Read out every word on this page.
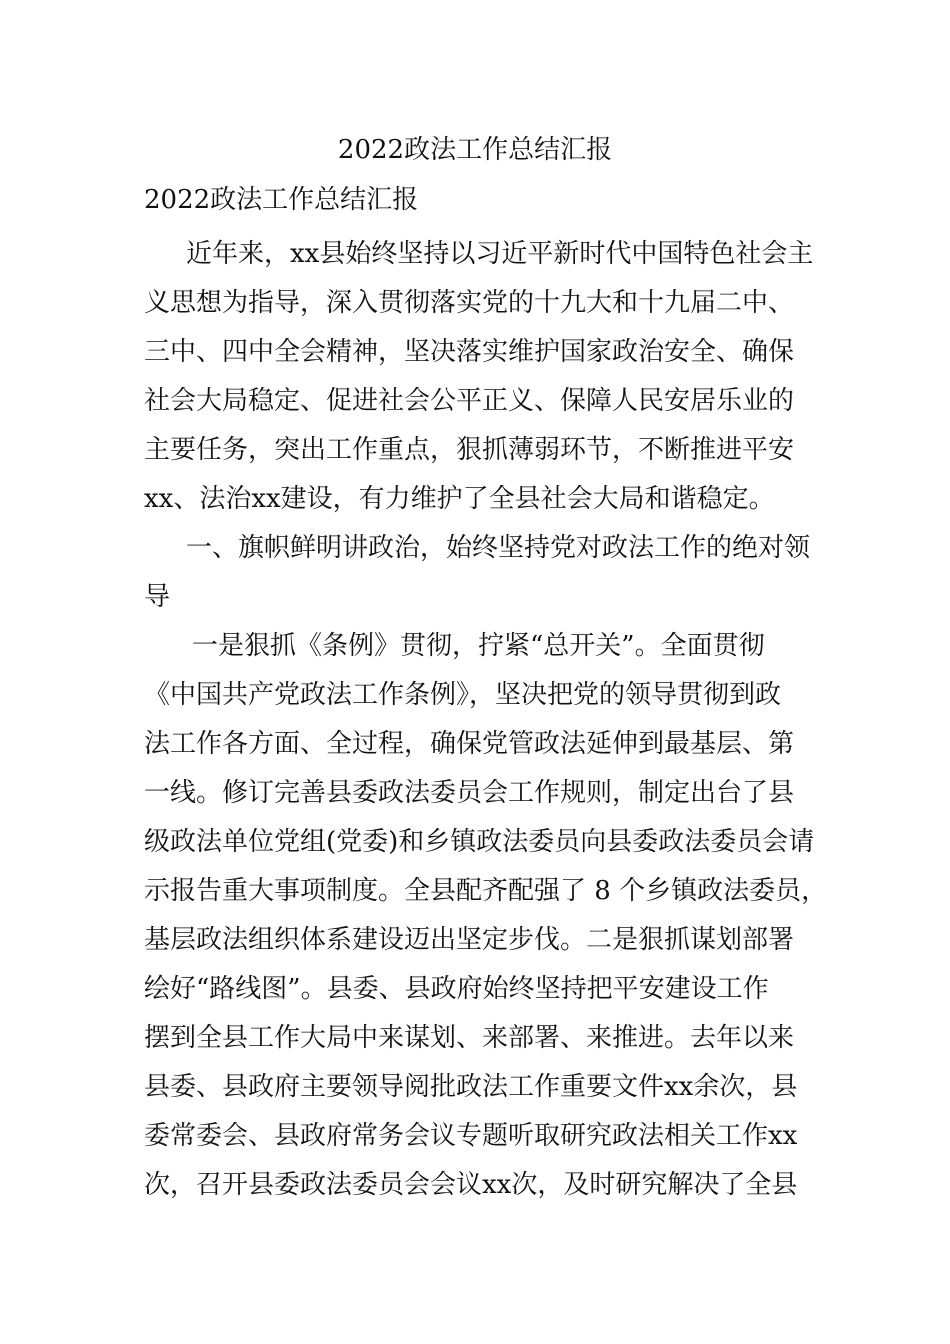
2022政法工作总结汇报
2022政法工作总结汇报
近年来，xx县始终坚持以习近平新时代中国特色社会主
义思想为指导，深入贯彻落实党的十九大和十九届二中、
三中、四中全会精神，坚决落实维护国家政治安全、确保
社会大局稳定、促进社会公平正义、保障人民安居乐业的
主要任务，突出工作重点，狠抓薄弱环节，不断推进平安
xx、法治xx建设，有力维护了全县社会大局和谐稳定。
一、旗帜鲜明讲政治，始终坚持党对政法工作的绝对领
导
一是狠抓《条例》贯彻，拧紧“总开关”。全面贯彻
《中国共产党政法工作条例》，坚决把党的领导贯彻到政
法工作各方面、全过程，确保党管政法延伸到最基层、第
一线。修订完善县委政法委员会工作规则，制定出台了县
级政法单位党组(党委)和乡镇政法委员向县委政法委员会请
示报告重大事项制度。全县配齐配强了 8 个乡镇政法委员，
基层政法组织体系建设迈出坚定步伐。二是狠抓谋划部署
绘好“路线图”。县委、县政府始终坚持把平安建设工作
摆到全县工作大局中来谋划、来部署、来推进。去年以来
县委、县政府主要领导阅批政法工作重要文件xx余次，县
委常委会、县政府常务会议专题听取研究政法相关工作xx
次，召开县委政法委员会会议xx次，及时研究解决了全县
